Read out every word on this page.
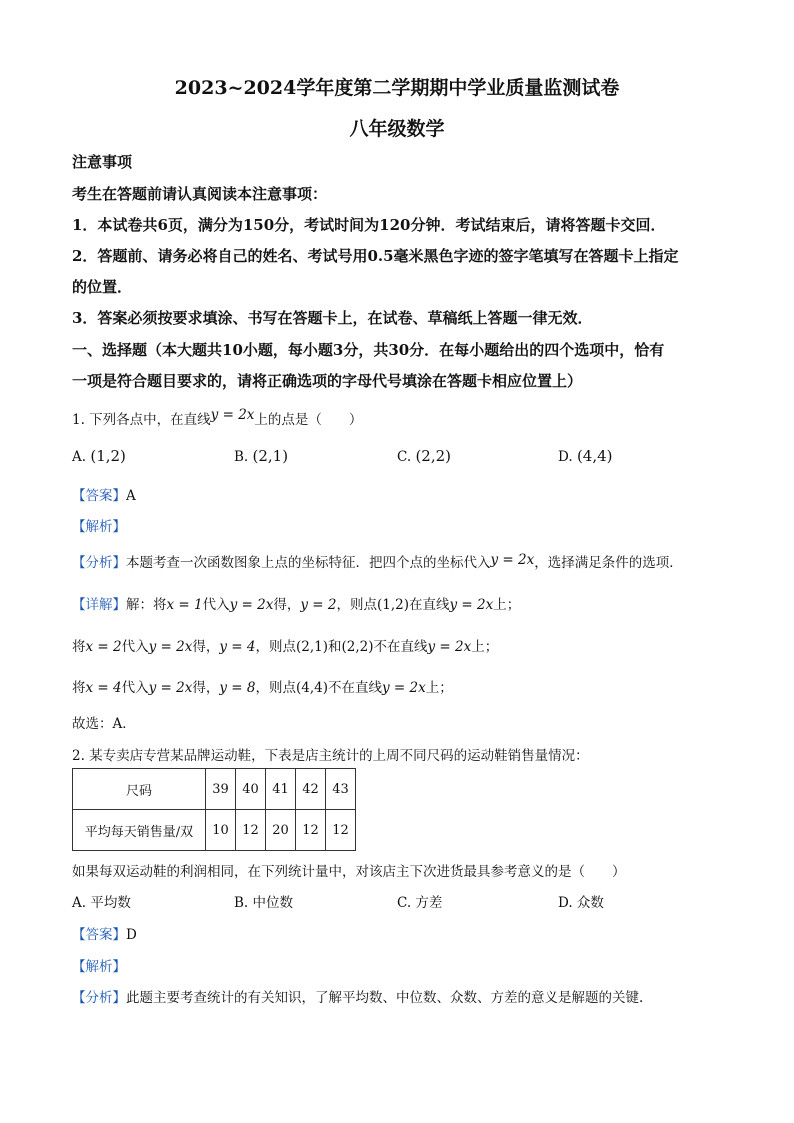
2023~2024学年度第二学期期中学业质量监测试卷
八年级数学
注意事项
考生在答题前请认真阅读本注意事项：
1．本试卷共6页，满分为150分，考试时间为120分钟．考试结束后，请将答题卡交回．
2．答题前、请务必将自己的姓名、考试号用0.5毫米黑色字迹的签字笔填写在答题卡上指定
的位置．
3．答案必须按要求填涂、书写在答题卡上，在试卷、草稿纸上答题一律无效．
一、选择题（本大题共10小题，每小题3分，共30分．在每小题给出的四个选项中，恰有
一项是符合题目要求的，请将正确选项的字母代号填涂在答题卡相应位置上）
1. 下列各点中，在直线y = 2x上的点是（　　）
A. (1,2)	B. (2,1)	C. (2,2)	D. (4,4)
【答案】A
【解析】
【分析】本题考查一次函数图象上点的坐标特征．把四个点的坐标代入y = 2x，选择满足条件的选项．
【详解】解：将x = 1代入y = 2x得，y = 2，则点(1,2)在直线y = 2x上；
将x = 2代入y = 2x得，y = 4，则点(2,1)和(2,2)不在直线y = 2x上；
将x = 4代入y = 2x得，y = 8，则点(4,4)不在直线y = 2x上；
故选：A．
2. 某专卖店专营某品牌运动鞋，下表是店主统计的上周不同尺码的运动鞋销售量情况：
尺码	39	40	41	42	43
平均每天销售量/双	10	12	20	12	12
如果每双运动鞋的利润相同，在下列统计量中，对该店主下次进货最具参考意义的是（　　）
A. 平均数	B. 中位数	C. 方差	D. 众数
【答案】D
【解析】
【分析】此题主要考查统计的有关知识，了解平均数、中位数、众数、方差的意义是解题的关键.
